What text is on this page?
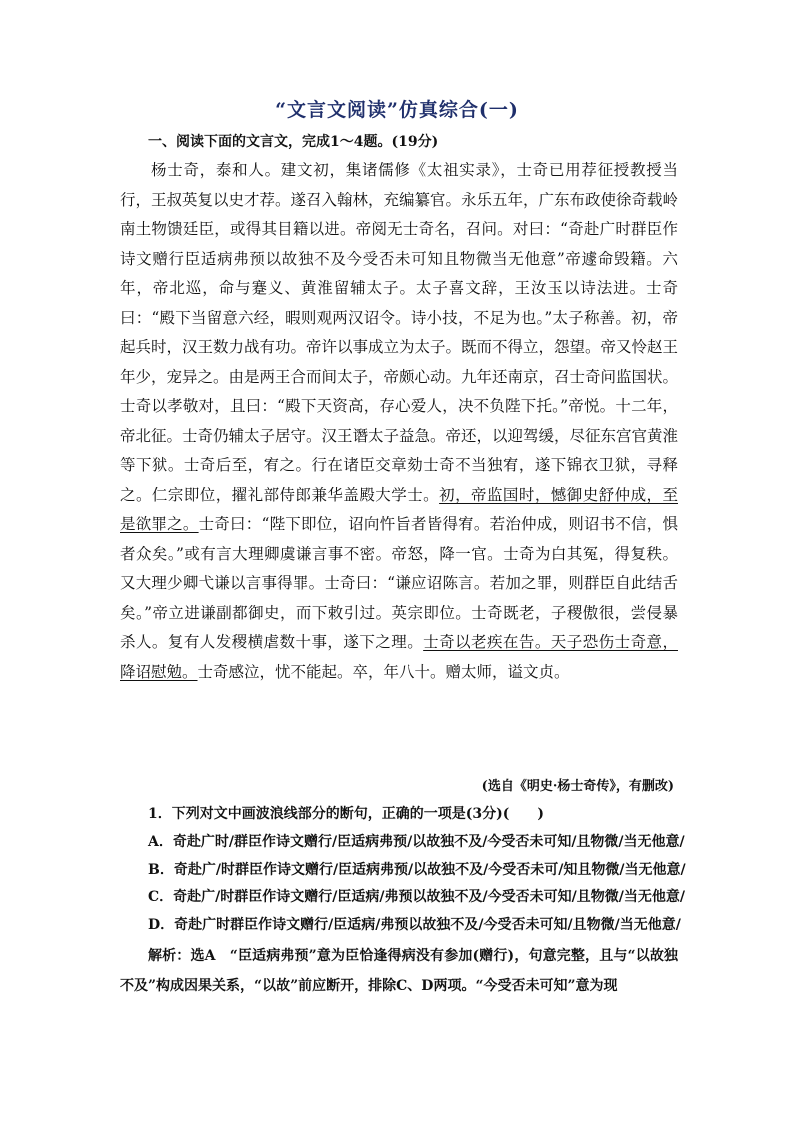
“文言文阅读”仿真综合(一)
一、阅读下面的文言文，完成1～4题。(19分)

杨士奇，泰和人。建文初，集诸儒修《太祖实录》，士奇已用荐征授教授当行，王叔英复以史才荐。遂召入翰林，充编纂官。永乐五年，广东布政使徐奇载岭南土物馈廷臣，或得其目籍以进。帝阅无士奇名，召问。对曰：“奇赴广时群臣作诗文赠行臣适病弗预以故独不及今受否未可知且物微当无他意”帝遽命毁籍。六年，帝北巡，命与蹇义、黄淮留辅太子。太子喜文辞，王汝玉以诗法进。士奇曰：“殿下当留意六经，暇则观两汉诏令。诗小技，不足为也。”太子称善。初，帝起兵时，汉王数力战有功。帝许以事成立为太子。既而不得立，怨望。帝又怜赵王年少，宠异之。由是两王合而间太子，帝颇心动。九年还南京，召士奇问监国状。士奇以孝敬对，且曰：“殿下天资高，存心爱人，决不负陛下托。”帝悦。十二年，帝北征。士奇仍辅太子居守。汉王谮太子益急。帝还，以迎驾缓，尽征东宫官黄淮等下狱。士奇后至，宥之。行在诸臣交章劾士奇不当独宥，遂下锦衣卫狱，寻释之。仁宗即位，擢礼部侍郎兼华盖殿大学士。初，帝监国时，憾御史舒仲成，至是欲罪之。士奇曰：“陛下即位，诏向忤旨者皆得宥。若治仲成，则诏书不信，惧者众矣。”或有言大理卿虞谦言事不密。帝怒，降一官。士奇为白其冤，得复秩。又大理少卿弋谦以言事得罪。士奇曰：“谦应诏陈言。若加之罪，则群臣自此结舌矣。”帝立进谦副都御史，而下敕引过。英宗即位。士奇既老，子稷傲很，尝侵暴杀人。复有人发稷横虐数十事，遂下之理。士奇以老疾在告。天子恐伤士奇意，降诏慰勉。士奇感泣，忧不能起。卒，年八十。赠太师，谥文贞。

(选自《明史·杨士奇传》，有删改)
1．下列对文中画波浪线部分的断句，正确的一项是(3分)(　　)
A．奇赴广时/群臣作诗文赠行/臣适病弗预/以故独不及/今受否未可知/且物微/当无他意/
B．奇赴广/时群臣作诗文赠行/臣适病弗预/以故独不及/今受否未可/知且物微/当无他意/
C．奇赴广/时群臣作诗文赠行/臣适病/弗预以故独不及/今受否未可知/且物微/当无他意/
D．奇赴广时群臣作诗文赠行/臣适病/弗预以故独不及/今受否未可知/且物微/当无他意/

解析：选A　“臣适病弗预”意为臣恰逢得病没有参加(赠行)，句意完整，且与“以故独不及”构成因果关系，“以故”前应断开，排除C、D两项。“今受否未可知”意为现
